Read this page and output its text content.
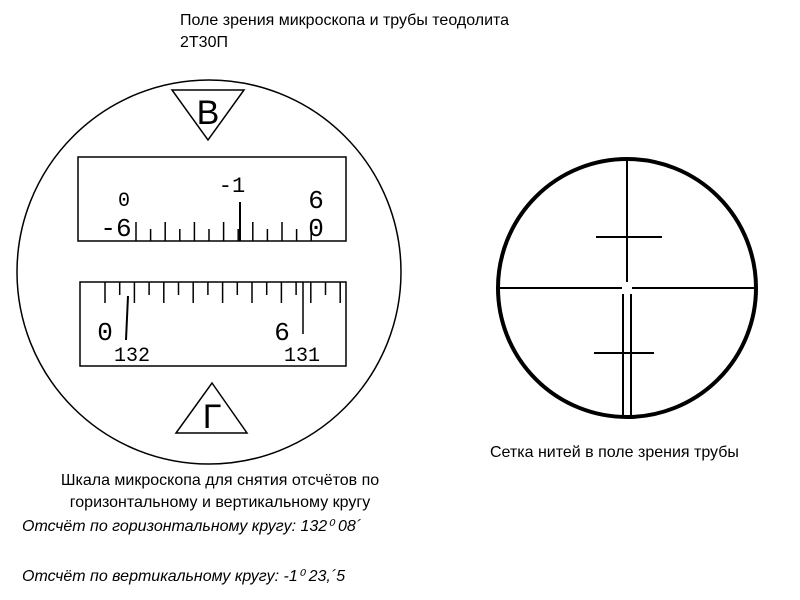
Поле зрения микроскопа и трубы теодолита
2Т30П
В
-1
0
-6
6
0
0	6
132	131
Г
Шкала микроскопа для снятия отсчётов по
горизонтальному и вертикальному кругу
Отсчёт по горизонтальному кругу: 132⁰ 08´
Отсчёт по вертикальному кругу: -1⁰ 23,´5
Сетка нитей в поле зрения трубы
